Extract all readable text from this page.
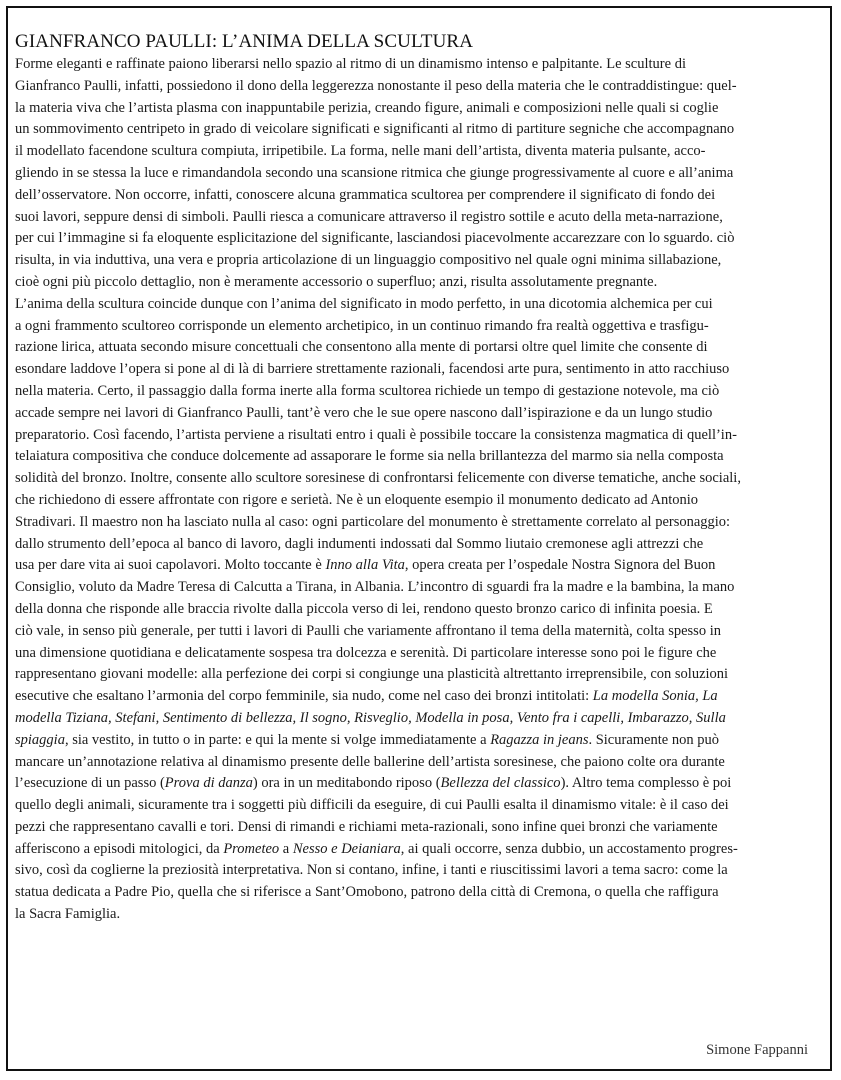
GIANFRANCO PAULLI: L’ANIMA DELLA SCULTURA
Forme eleganti e raffinate paiono liberarsi nello spazio al ritmo di un dinamismo intenso e palpitante. Le sculture di
Gianfranco Paulli, infatti, possiedono il dono della leggerezza nonostante il peso della materia che le contraddistingue: quel-
la materia viva che l’artista plasma con inappuntabile perizia, creando figure, animali e composizioni nelle quali si coglie
un sommovimento centripeto in grado di veicolare significati e significanti al ritmo di partiture segniche che accompagnano
il modellato facendone scultura compiuta, irripetibile. La forma, nelle mani dell’artista, diventa materia pulsante, acco-
gliendo in se stessa la luce e rimandandola secondo una scansione ritmica che giunge progressivamente al cuore e all’anima
dell’osservatore. Non occorre, infatti, conoscere alcuna grammatica scultorea per comprendere il significato di fondo dei
suoi lavori, seppure densi di simboli. Paulli riesca a comunicare attraverso il registro sottile e acuto della meta-narrazione,
per cui l’immagine si fa eloquente esplicitazione del significante, lasciandosi piacevolmente accarezzare con lo sguardo. ciò
risulta, in via induttiva, una vera e propria articolazione di un linguaggio compositivo nel quale ogni minima sillabazione,
cioè ogni più piccolo dettaglio, non è meramente accessorio o superfluo; anzi, risulta assolutamente pregnante.
L’anima della scultura coincide dunque con l’anima del significato in modo perfetto, in una dicotomia alchemica per cui
a ogni frammento scultoreo corrisponde un elemento archetipico, in un continuo rimando fra realtà oggettiva e trasfigu-
razione lirica, attuata secondo misure concettuali che consentono alla mente di portarsi oltre quel limite che consente di
esondare laddove l’opera si pone al di là di barriere strettamente razionali, facendosi arte pura, sentimento in atto racchiuso
nella materia. Certo, il passaggio dalla forma inerte alla forma scultorea richiede un tempo di gestazione notevole, ma ciò
accade sempre nei lavori di Gianfranco Paulli, tant’è vero che le sue opere nascono dall’ispirazione e da un lungo studio
preparatorio. Così facendo, l’artista perviene a risultati entro i quali è possibile toccare la consistenza magmatica di quell’in-
telaiatura compositiva che conduce dolcemente ad assaporare le forme sia nella brillantezza del marmo sia nella composta
solidità del bronzo. Inoltre, consente allo scultore soresinese di confrontarsi felicemente con diverse tematiche, anche sociali,
che richiedono di essere affrontate con rigore e serietà. Ne è un eloquente esempio il monumento dedicato ad Antonio
Stradivari. Il maestro non ha lasciato nulla al caso: ogni particolare del monumento è strettamente correlato al personaggio:
dallo strumento dell’epoca al banco di lavoro, dagli indumenti indossati dal Sommo liutaio cremonese agli attrezzi che
usa per dare vita ai suoi capolavori. Molto toccante è Inno alla Vita, opera creata per l’ospedale Nostra Signora del Buon
Consiglio, voluto da Madre Teresa di Calcutta a Tirana, in Albania. L’incontro di sguardi fra la madre e la bambina, la mano
della donna che risponde alle braccia rivolte dalla piccola verso di lei, rendono questo bronzo carico di infinita poesia. E
ciò vale, in senso più generale, per tutti i lavori di Paulli che variamente affrontano il tema della maternità, colta spesso in
una dimensione quotidiana e delicatamente sospesa tra dolcezza e serenità. Di particolare interesse sono poi le figure che
rappresentano giovani modelle: alla perfezione dei corpi si congiunge una plasticità altrettanto irreprensibile, con soluzioni
esecutive che esaltano l’armonia del corpo femminile, sia nudo, come nel caso dei bronzi intitolati: La modella Sonia, La
modella Tiziana, Stefani, Sentimento di bellezza, Il sogno, Risveglio, Modella in posa, Vento fra i capelli, Imbarazzo, Sulla
spiaggia, sia vestito, in tutto o in parte: e qui la mente si volge immediatamente a Ragazza in jeans. Sicuramente non può
mancare un’annotazione relativa al dinamismo presente delle ballerine dell’artista soresinese, che paiono colte ora durante
l’esecuzione di un passo (Prova di danza) ora in un meditabondo riposo (Bellezza del classico). Altro tema complesso è poi
quello degli animali, sicuramente tra i soggetti più difficili da eseguire, di cui Paulli esalta il dinamismo vitale: è il caso dei
pezzi che rappresentano cavalli e tori. Densi di rimandi e richiami meta-razionali, sono infine quei bronzi che variamente
afferiscono a episodi mitologici, da Prometeo a Nesso e Deianiara, ai quali occorre, senza dubbio, un accostamento progres-
sivo, così da coglierne la preziosità interpretativa. Non si contano, infine, i tanti e riuscitissimi lavori a tema sacro: come la
statua dedicata a Padre Pio, quella che si riferisce a Sant’Omobono, patrono della città di Cremona, o quella che raffigura
la Sacra Famiglia.
Simone Fappanni
